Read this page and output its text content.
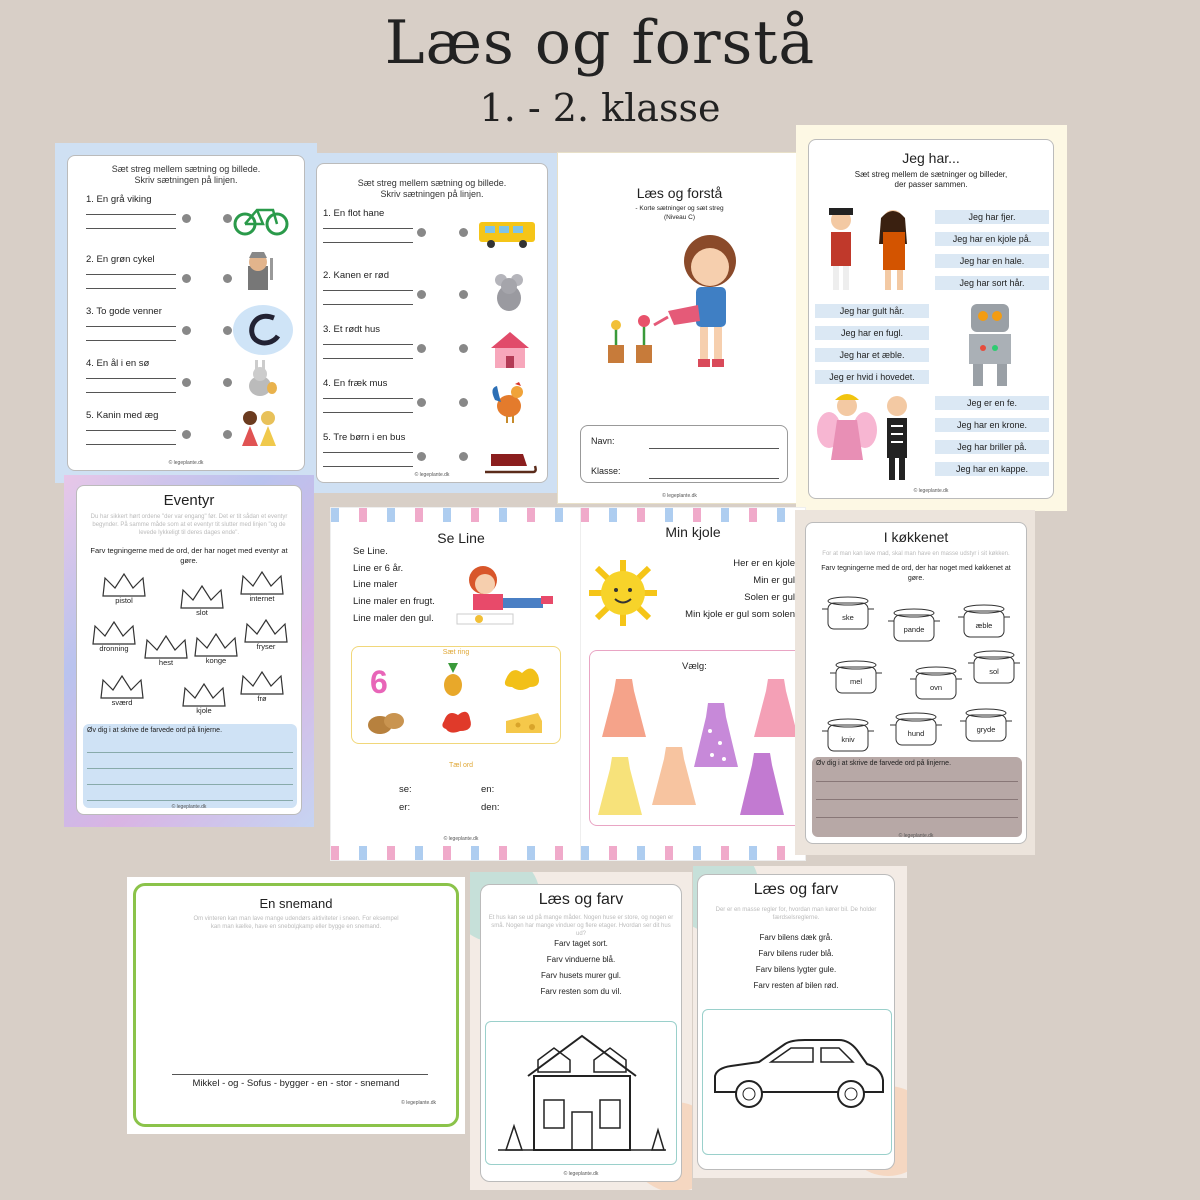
Læs og forstå
1. - 2. klasse
Sæt streg mellem sætning og billede.
Skriv sætningen på linjen.
1. En grå viking
2. En grøn cykel
3. To gode venner
4. En ål i en sø
5. Kanin med æg
© legeplante.dk
Sæt streg mellem sætning og billede.
Skriv sætningen på linjen.
1. En flot hane
2. Kanen er rød
3. Et rødt hus
4. En fræk mus
5. Tre børn i en bus
© legeplante.dk
Læs og forstå
- Korte sætninger og sæt streg
(Niveau C)
Navn:
Klasse:
© legeplante.dk
Jeg har...
Sæt streg mellem de sætninger og billeder,
der passer sammen.
Jeg har fjer.
Jeg har en kjole på.
Jeg har en hale.
Jeg har sort hår.
Jeg har gult hår.
Jeg har en fugl.
Jeg har et æble.
Jeg er hvid i hovedet.
Jeg er en fe.
Jeg har en krone.
Jeg har briller på.
Jeg har en kappe.
© legeplante.dk
Eventyr
Du har sikkert hørt ordene "der var engang" før. Det er tit sådan et eventyr
begynder. På samme måde som at et eventyr tit slutter med linjen "og de
levede lykkeligt til deres dages ende".
Farv tegningerne med de ord, der har noget med eventyr at
gøre.
pistol
slot
internet
dronning
hest	konge
fryser
sværd
kjole
frø
Øv dig i at skrive de farvede ord på linjerne.
© legeplante.dk
Se Line
Se Line.
Line er 6 år.
Line maler
Line maler en frugt.
Line maler den gul.
Sæt ring
6
Tæl ord
se:	en:
er:	den:
© legeplante.dk
Min kjole
Her er en kjole
Min er gul
Solen er gul
Min kjole er gul som solen
Vælg:
I køkkenet
For at man kan lave mad, skal man have en masse udstyr i sit køkken.
Farv tegningerne med de ord, der har noget med køkkenet at
gøre.
ske
pande	æble
mel
ovn
sol
kniv
hund	gryde
Øv dig i at skrive de farvede ord på linjerne.
© legeplante.dk
En snemand
Om vinteren kan man lave mange udendørs aktiviteter i sneen. For eksempel
kan man kælke, have en snebolдkamp eller bygge en snemand.
Mikkel - og - Sofus - bygger - en - stor - snemand
© legeplante.dk
Læs og farv
Et hus kan se ud på mange måder. Nogen huse er store, og nogen er
små. Nogen har mange vinduer og flere etager. Hvordan ser dit hus ud?
Farv taget sort.
Farv vinduerne blå.
Farv husets murer gul.
Farv resten som du vil.
© legeplante.dk
Læs og farv
Der er en masse regler for, hvordan man kører bil. De holder
færdselsreglerne.
Farv bilens dæk grå.
Farv bilens ruder blå.
Farv bilens lygter gule.
Farv resten af bilen rød.
